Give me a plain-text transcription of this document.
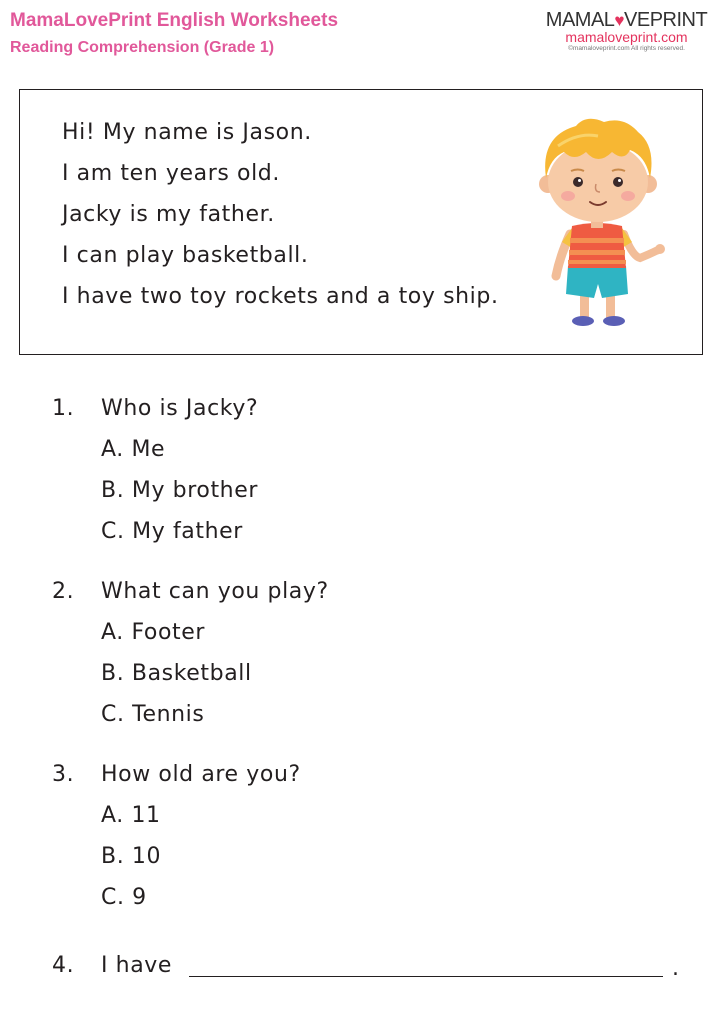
MamaLovePrint English Worksheets
Reading Comprehension (Grade 1)
MAMAL♥VEPRINT
mamaloveprint.com
©mamaloveprint.com All rights reserved.
Hi! My name is Jason.
I am ten years old.
Jacky is my father.
I can play basketball.
I have two toy rockets and a toy ship.
1. Who is Jacky?
A. Me
B. My brother
C. My father
2. What can you play?
A. Footer
B. Basketball
C. Tennis
3. How old are you?
A. 11
B. 10
C. 9
4. I have	.
